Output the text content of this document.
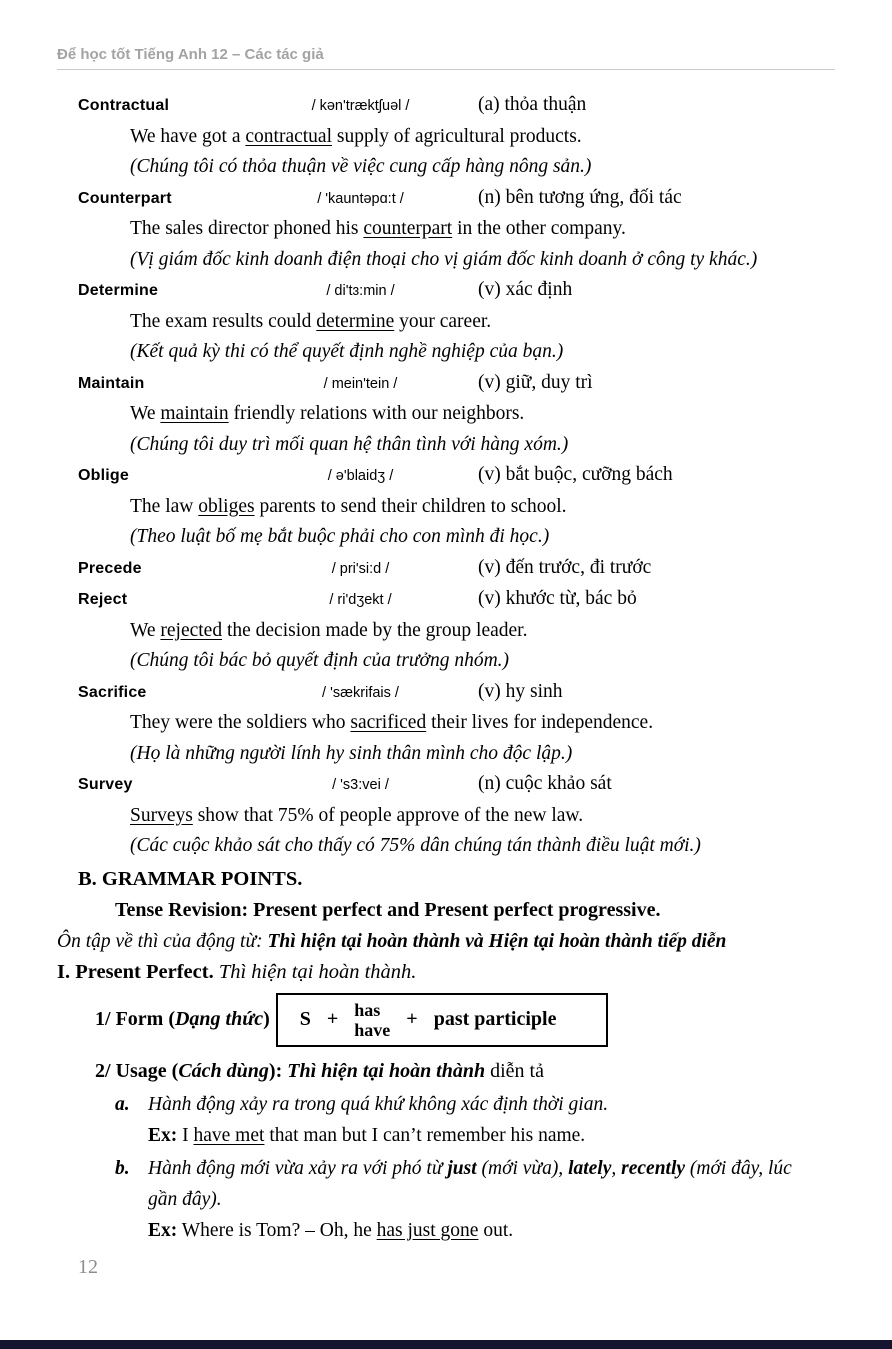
Để học tốt Tiếng Anh 12 – Các tác giả
Contractual	/ kən'træktʃuəl /	(a) thỏa thuận
We have got a contractual supply of agricultural products.
(Chúng tôi có thỏa thuận về việc cung cấp hàng nông sản.)
Counterpart	/ 'kauntəpɑ:t /	(n) bên tương ứng, đối tác
The sales director phoned his counterpart in the other company.
(Vị giám đốc kinh doanh điện thoại cho vị giám đốc kinh doanh ở công ty khác.)
Determine	/ di'tɜ:min /	(v) xác định
The exam results could determine your career.
(Kết quả kỳ thi có thể quyết định nghề nghiệp của bạn.)
Maintain	/ mein'tein /	(v) giữ, duy trì
We maintain friendly relations with our neighbors.
(Chúng tôi duy trì mối quan hệ thân tình với hàng xóm.)
Oblige	/ ə'blaidʒ /	(v) bắt buộc, cưỡng bách
The law obliges parents to send their children to school.
(Theo luật bố mẹ bắt buộc phải cho con mình đi học.)
Precede	/ pri'si:d /	(v) đến trước, đi trước
Reject	/ ri'dʒekt /	(v) khước từ, bác bỏ
We rejected the decision made by the group leader.
(Chúng tôi bác bỏ quyết định của trưởng nhóm.)
Sacrifice	/ 'sækrifais /	(v) hy sinh
They were the soldiers who sacrificed their lives for independence.
(Họ là những người lính hy sinh thân mình cho độc lập.)
Survey	/ 's3:vei /	(n) cuộc khảo sát
Surveys show that 75% of people approve of the new law.
(Các cuộc khảo sát cho thấy có 75% dân chúng tán thành điều luật mới.)
B. GRAMMAR POINTS.
Tense Revision: Present perfect and Present perfect progressive.
Ôn tập về thì của động từ: Thì hiện tại hoàn thành và Hiện tại hoàn thành tiếp diễn
I. Present Perfect. Thì hiện tại hoàn thành.
1/ Form (Dạng thức) S + has
have + past participle
2/ Usage (Cách dùng): Thì hiện tại hoàn thành diễn tả
a. Hành động xảy ra trong quá khứ không xác định thời gian.
Ex: I have met that man but I can’t remember his name.
b. Hành động mới vừa xảy ra với phó từ just (mới vừa), lately, recently (mới đây, lúc gần đây).
Ex: Where is Tom? – Oh, he has just gone out.
12
